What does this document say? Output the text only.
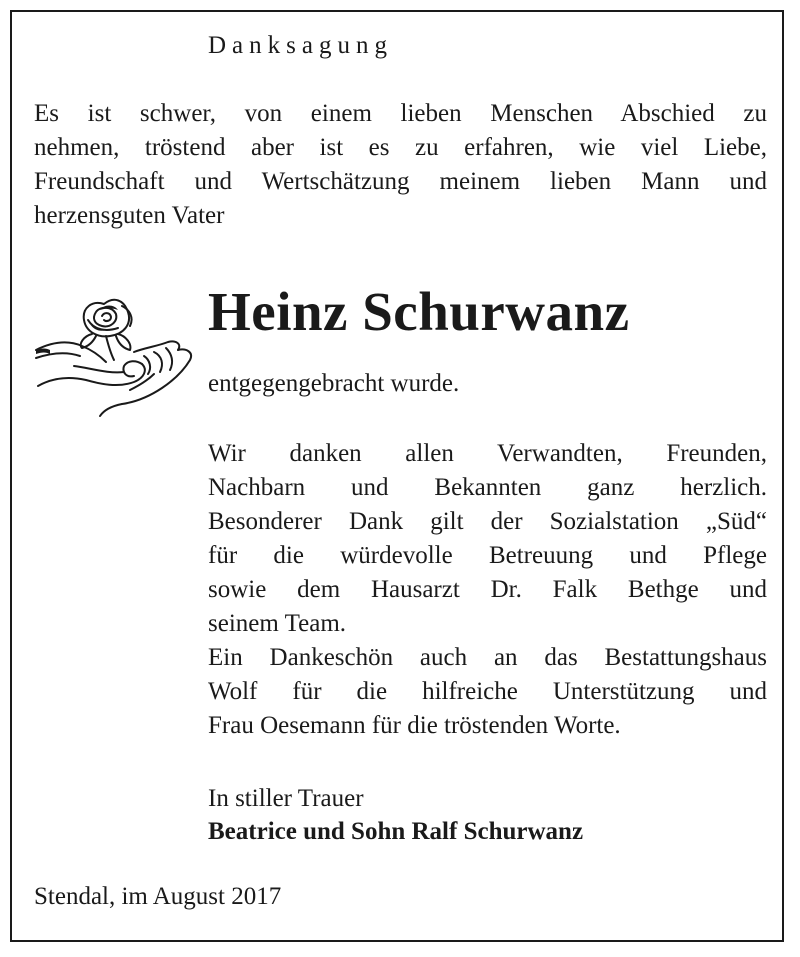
Danksagung
Es ist schwer, von einem lieben Menschen Abschied zu
nehmen, tröstend aber ist es zu erfahren, wie viel Liebe,
Freundschaft und Wertschätzung meinem lieben Mann und
herzensguten Vater
Heinz Schurwanz
entgegengebracht wurde.
Wir danken allen Verwandten, Freunden,
Nachbarn und Bekannten ganz herzlich.
Besonderer Dank gilt der Sozialstation „Süd“
für die würdevolle Betreuung und Pflege
sowie dem Hausarzt Dr. Falk Bethge und
seinem Team.
Ein Dankeschön auch an das Bestattungshaus
Wolf für die hilfreiche Unterstützung und
Frau Oesemann für die tröstenden Worte.
In stiller Trauer
Beatrice und Sohn Ralf Schurwanz
Stendal, im August 2017
